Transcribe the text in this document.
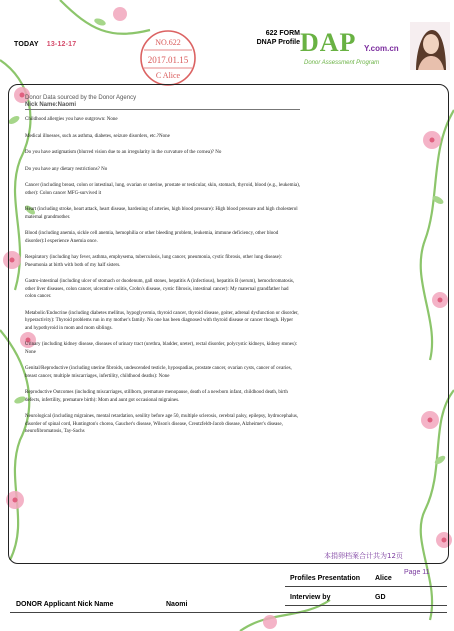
TODAY 13-12-17	NO.622
2017.01.15
C Alice
622 FORM
DNAP Profile DAP Y.com.cn
Donor Assessment Program
Donor Data sourced by the Donor Agency
Nick Name:Naomi

Childhood allergies you have outgrown: None

Medical illnesses, such as asthma, diabetes, seizure disorders, etc.?None

Do you have astigmatism (blurred vision due to an irregularity in the curvature of the cornea)? No

Do you have any dietary restrictions? No

Cancer (including breast, colon or intestinal, lung, ovarian or uterine, prostate or testicular, skin, stomach, thyroid, blood (e.g., leukemia), other): Colon cancer MFG-survived it

Heart (including stroke, heart attack, heart disease, hardening of arteries, high blood pressure): High blood pressure and high cholesterol maternal grandmother.

Blood (including anemia, sickle cell anemia, hemophilia or other bleeding problem, leukemia, immune deficiency, other blood disorder):I experience Anemia once.

Respiratory (including hay fever, asthma, emphysema, tuberculosis, lung cancer, pneumonia, cystic fibrosis, other lung disease): Pneumonia at birth with both of my half sisters.

Gastro-intestinal (including ulcer of stomach or duodenum, gall stones, hepatitis A (infectious), hepatitis B (serum), hemochromatosis, other liver diseases, colon cancer, ulcerative colitis, Crohn's disease, cystic fibrosis, intestinal cancer): My maternal grandfather had colon cancer.

Metabolic/Endocrine (including diabetes mellitus, hypoglycemia, thyroid cancer, thyroid disease, goiter, adrenal dysfunction or disorder, hyperactivity): Thyroid problems run in my mother's family. No one has been diagnosed with thyroid disease or cancer though. Hyper and hypothyroid in mom and mom siblings.

Urinary (including kidney disease, diseases of urinary tract (urethra, bladder, ureter), rectal disorder, polycystic kidneys, kidney stones): None

Genital/Reproductive (including uterine fibroids, undescended testicle, hypospadias, prostate cancer, ovarian cysts, cancer of ovaries, breast cancer, multiple miscarriages, infertility, childhood deaths): None

Reproductive Outcomes (including miscarriages, stillborn, premature menopause, death of a newborn infant, childhood death, birth defects, infertility, premature birth): Mom and aunt got occasional migraines.

Neurological (including migraines, mental retardation, senility before age 50, multiple sclerosis, cerebral palsy, epilepsy, hydrocephalus, disorder of spinal cord, Huntington's chorea, Gaucher's disease, Wilson's disease, Creutzfeldt-Jacob disease, Alzheimer's disease, neurofibromatosis, Tay-Sachs

本捐卵档案合计共为12页
Page 11
Profiles Presentation Alice
Interview by	GD
DONOR Applicant Nick Name	Naomi
